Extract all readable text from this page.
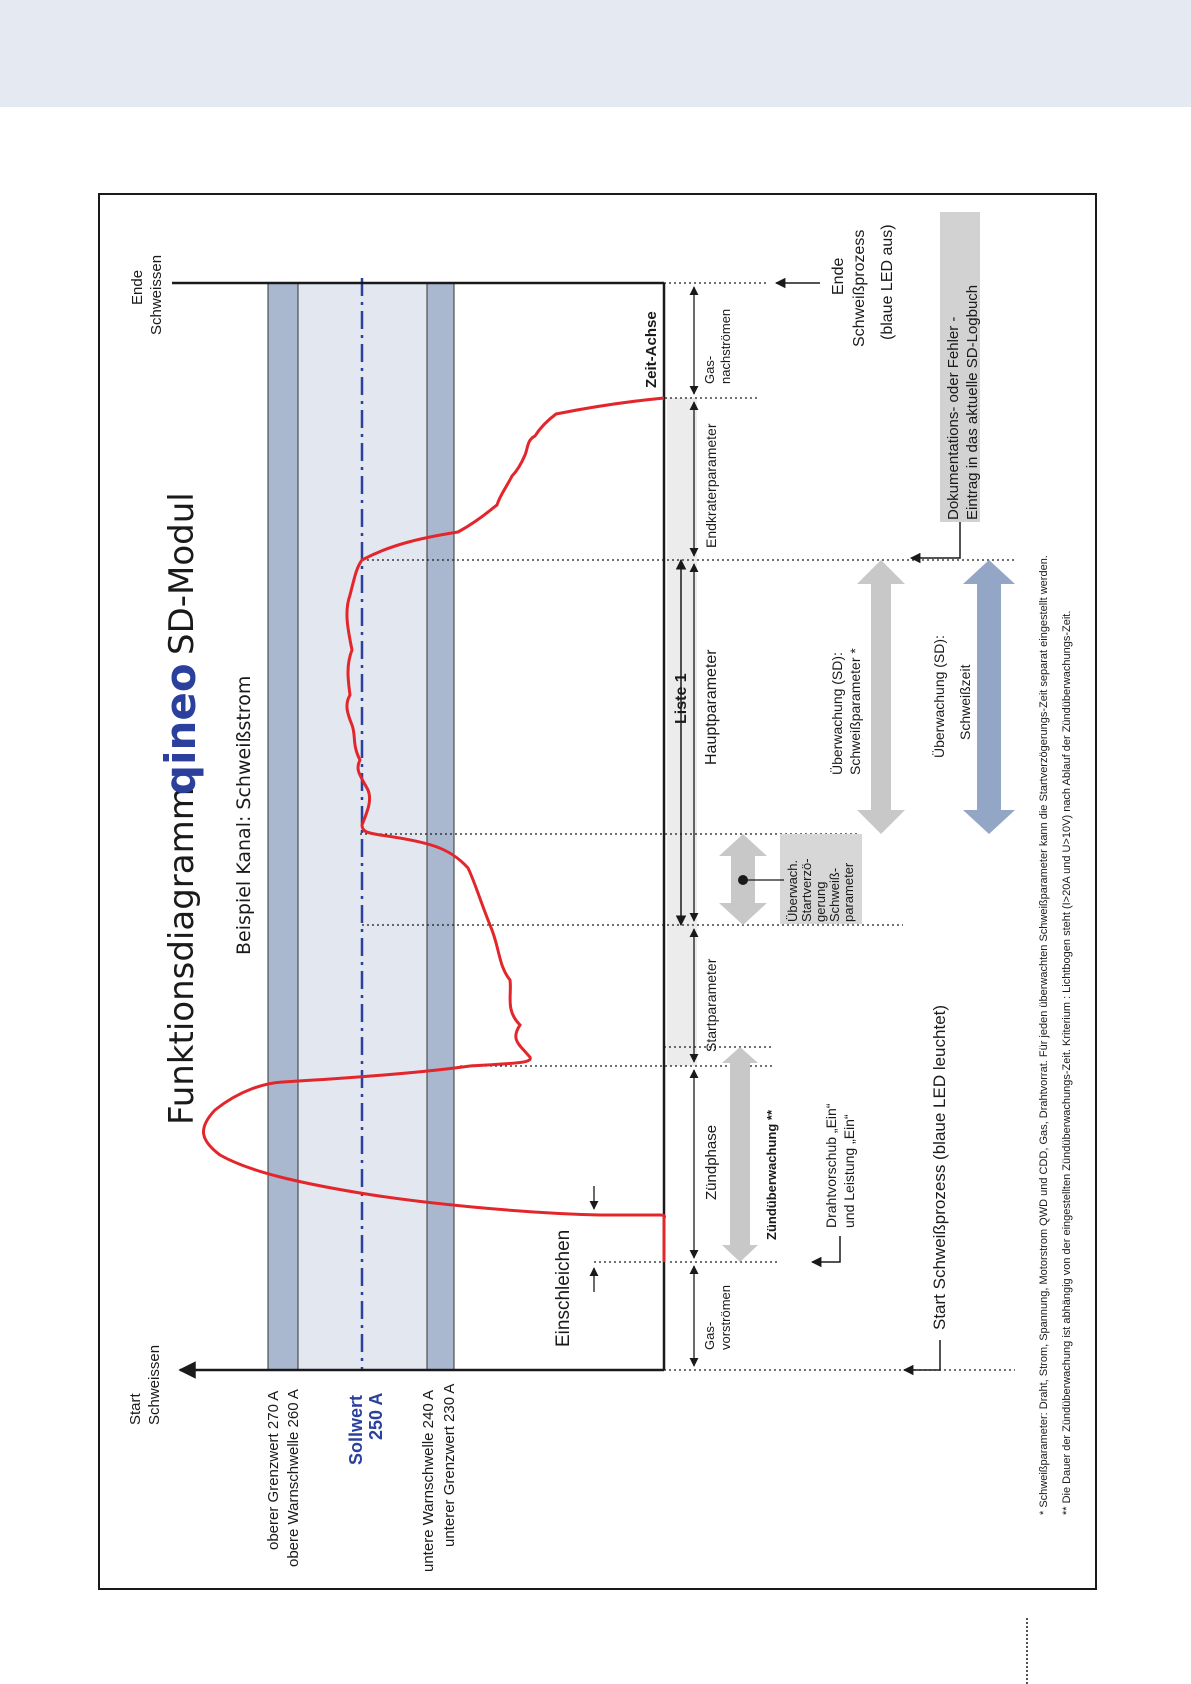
Funktionsdiagramm
qineo
SD-Modul
Beispiel Kanal: Schweißstrom
Start Schweissen
Ende Schweissen
oberer Grenzwert 270 A obere Warnschwelle 260 A Sollwert 250 A untere Warnschwelle 240 A unterer Grenzwert 230 A
Einschleichen
Zeit-Achse
Liste 1
Gas- vorströmen
Zündphase
Startparameter
Hauptparameter
Endkraterparameter
Gas- nachströmen
Zündüberwachung **	Drahtvorschub „Ein“ und Leistung „Ein“
Überwach. Startverzö- gerung Schweiß- parameter
Überwachung (SD): Schweißparameter *	Überwachung (SD): Schweißzeit
Start Schweißprozess (blaue LED leuchtet)
Ende Schweißprozess (blaue LED aus)
Dokumentations- oder Fehler - Eintrag in das aktuelle SD-Logbuch
* Schweißparameter: Draht, Strom, Spannung, Motorstrom QWD und CDD, Gas, Drahtvorrat. Für jeden überwachten Schweißparameter kann die Startverzögerungs-Zeit separat eingestellt werden. ** Die Dauer der Zündüberwachung ist abhängig von der eingestellten Zündüberwachungs-Zeit. Kriterium : Lichtbogen steht (I>20A und U>10V) nach Ablauf der Zündüberwachungs-Zeit.
